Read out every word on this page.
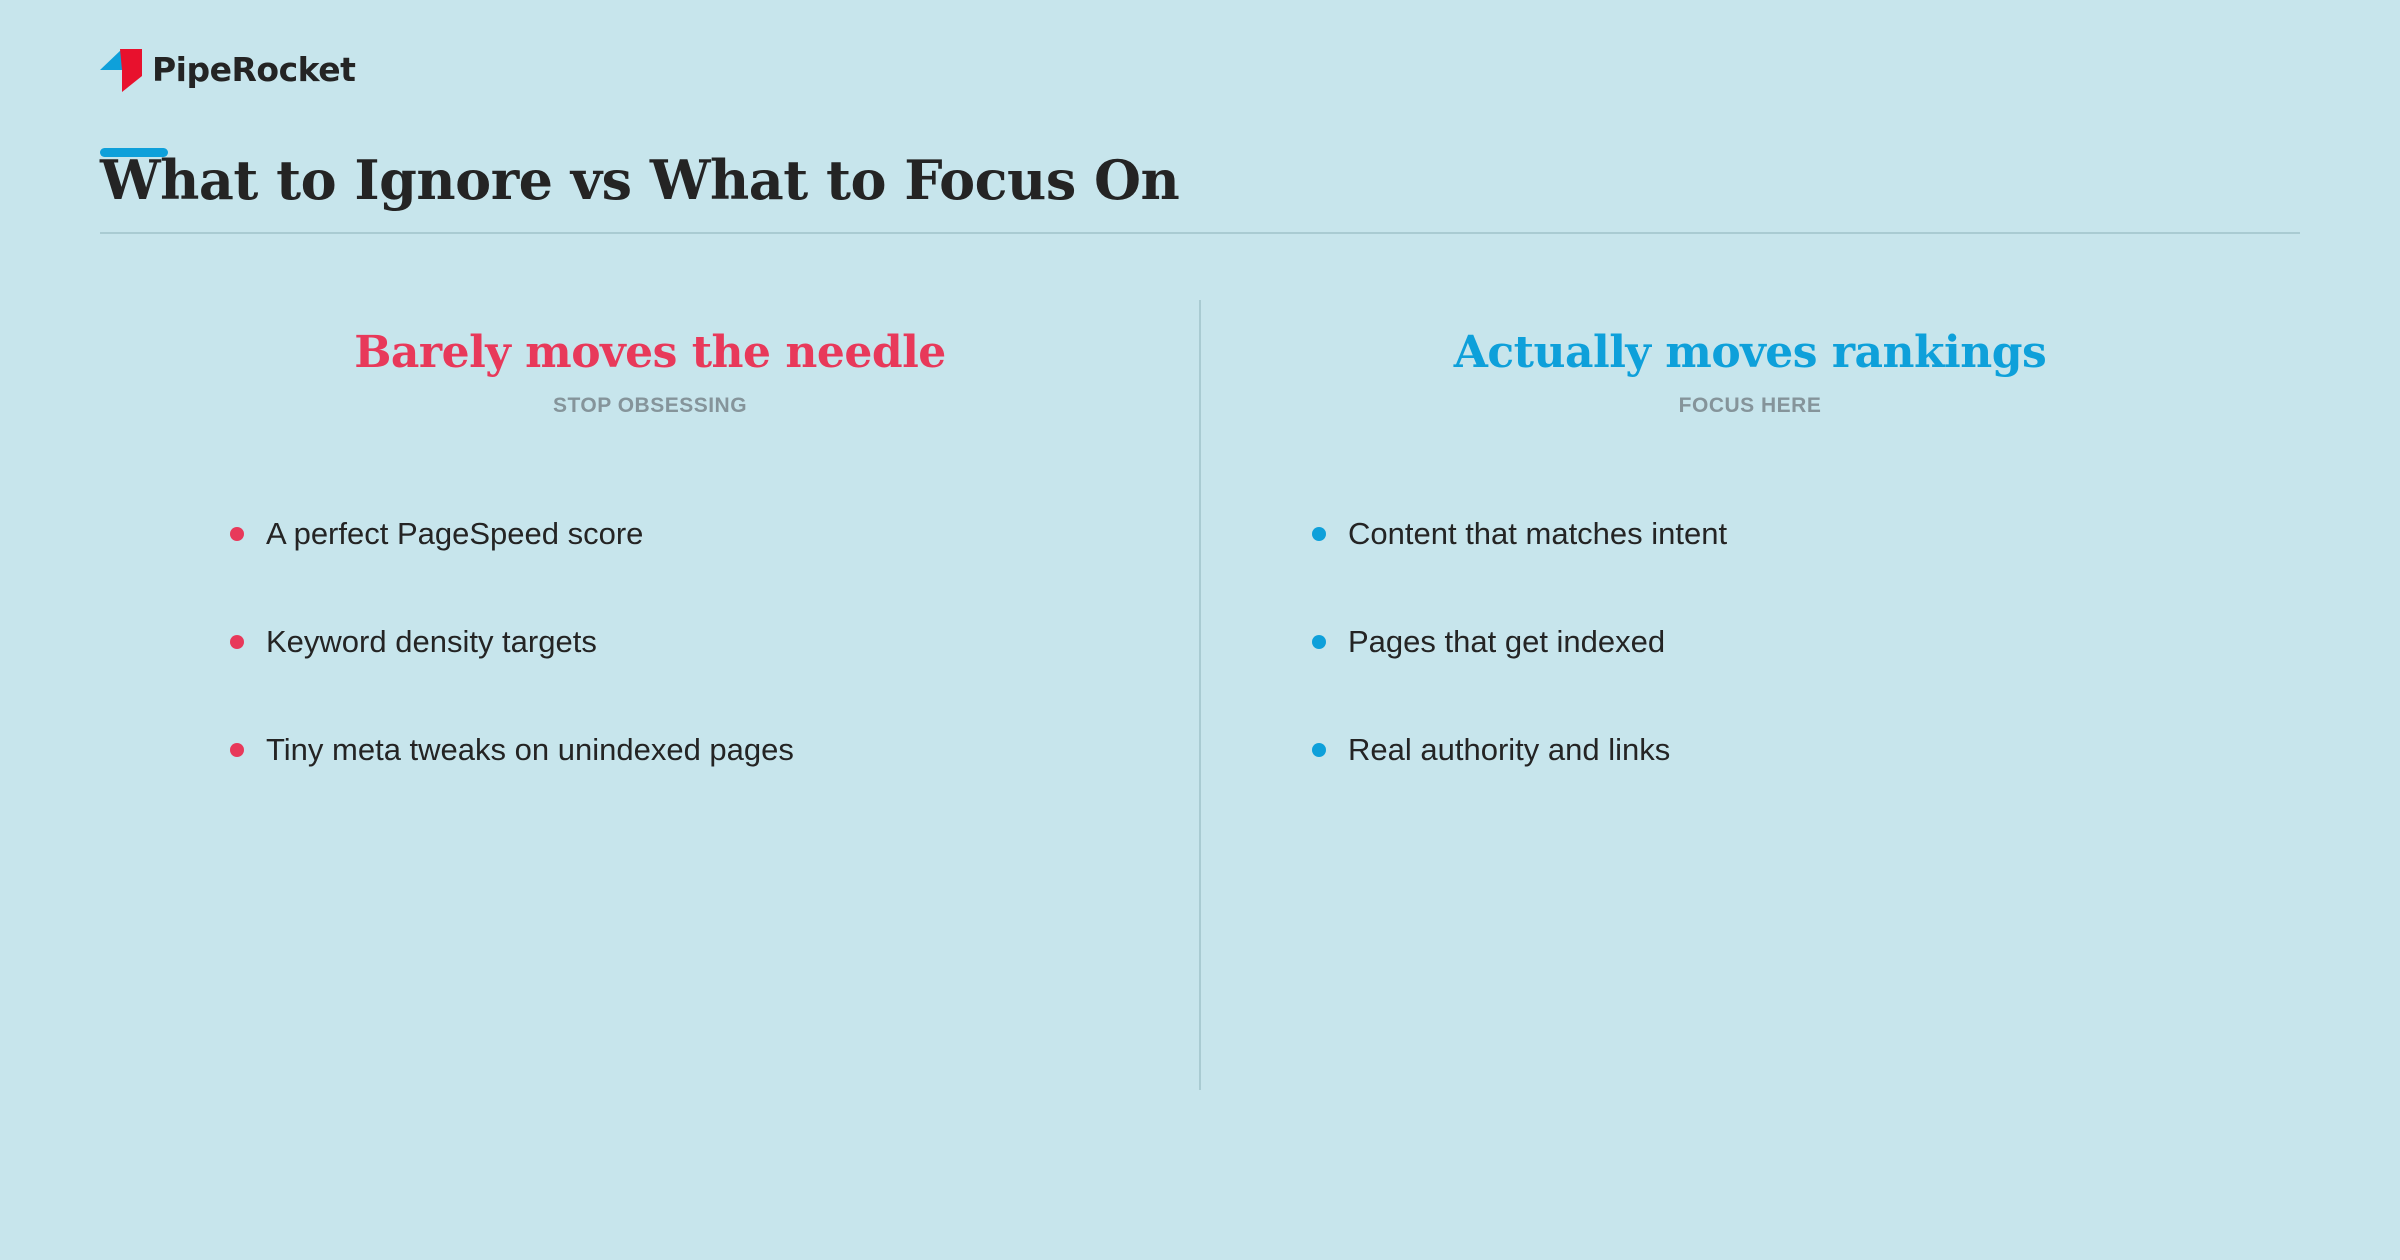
PipeRocket
What to Ignore vs What to Focus On
Barely moves the needle
STOP OBSESSING
A perfect PageSpeed score
Keyword density targets
Tiny meta tweaks on unindexed pages
Actually moves rankings
FOCUS HERE
Content that matches intent
Pages that get indexed
Real authority and links
